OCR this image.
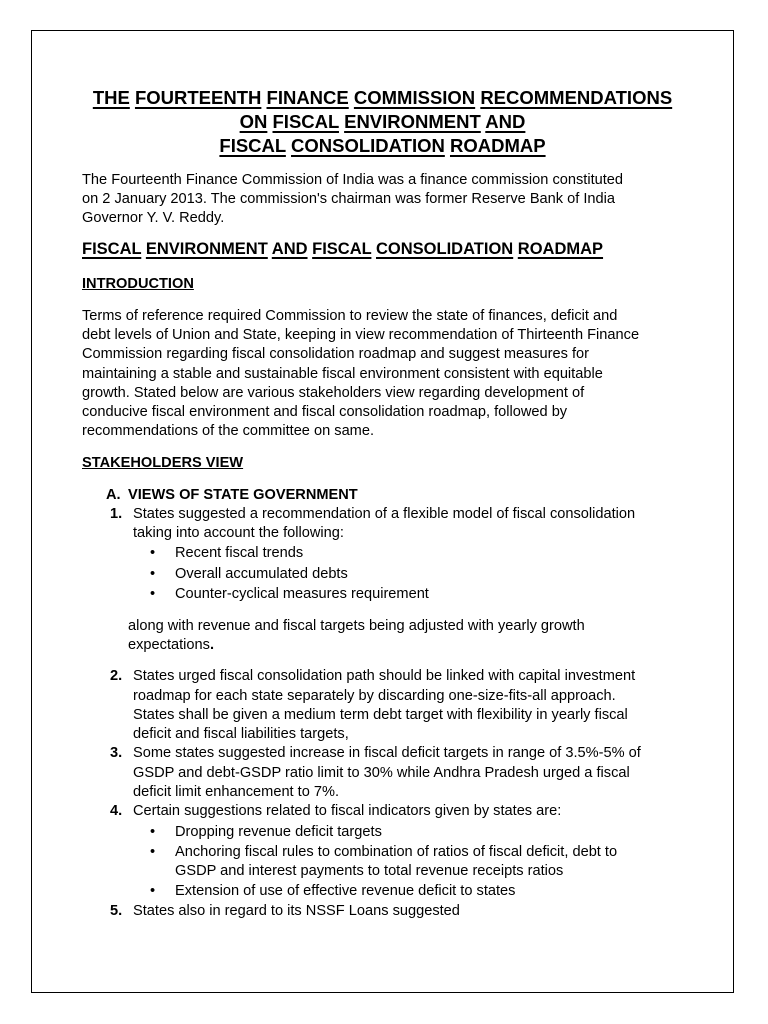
THE FOURTEENTH FINANCE COMMISSION RECOMMENDATIONS
ON FISCAL ENVIRONMENT AND
FISCAL CONSOLIDATION ROADMAP
The Fourteenth Finance Commission of India was a finance commission constituted
on 2 January 2013. The commission's chairman was former Reserve Bank of India
Governor Y. V. Reddy.
FISCAL ENVIRONMENT AND FISCAL CONSOLIDATION ROADMAP
INTRODUCTION
Terms of reference required Commission to review the state of finances, deficit and
debt levels of Union and State, keeping in view recommendation of Thirteenth Finance
Commission regarding fiscal consolidation roadmap and suggest measures for
maintaining a stable and sustainable fiscal environment consistent with equitable
growth. Stated below are various stakeholders view regarding development of
conducive fiscal environment and fiscal consolidation roadmap, followed by
recommendations of the committee on same.
STAKEHOLDERS VIEW
A. VIEWS OF STATE GOVERNMENT
1. States suggested a recommendation of a flexible model of fiscal consolidation
taking into account the following:
• Recent fiscal trends
• Overall accumulated debts
• Counter-cyclical measures requirement
along with revenue and fiscal targets being adjusted with yearly growth
expectations.
2. States urged fiscal consolidation path should be linked with capital investment
roadmap for each state separately by discarding one-size-fits-all approach.
States shall be given a medium term debt target with flexibility in yearly fiscal
deficit and fiscal liabilities targets,
3. Some states suggested increase in fiscal deficit targets in range of 3.5%-5% of
GSDP and debt-GSDP ratio limit to 30% while Andhra Pradesh urged a fiscal
deficit limit enhancement to 7%.
4. Certain suggestions related to fiscal indicators given by states are:
• Dropping revenue deficit targets
• Anchoring fiscal rules to combination of ratios of fiscal deficit, debt to
GSDP and interest payments to total revenue receipts ratios
• Extension of use of effective revenue deficit to states
5. States also in regard to its NSSF Loans suggested
